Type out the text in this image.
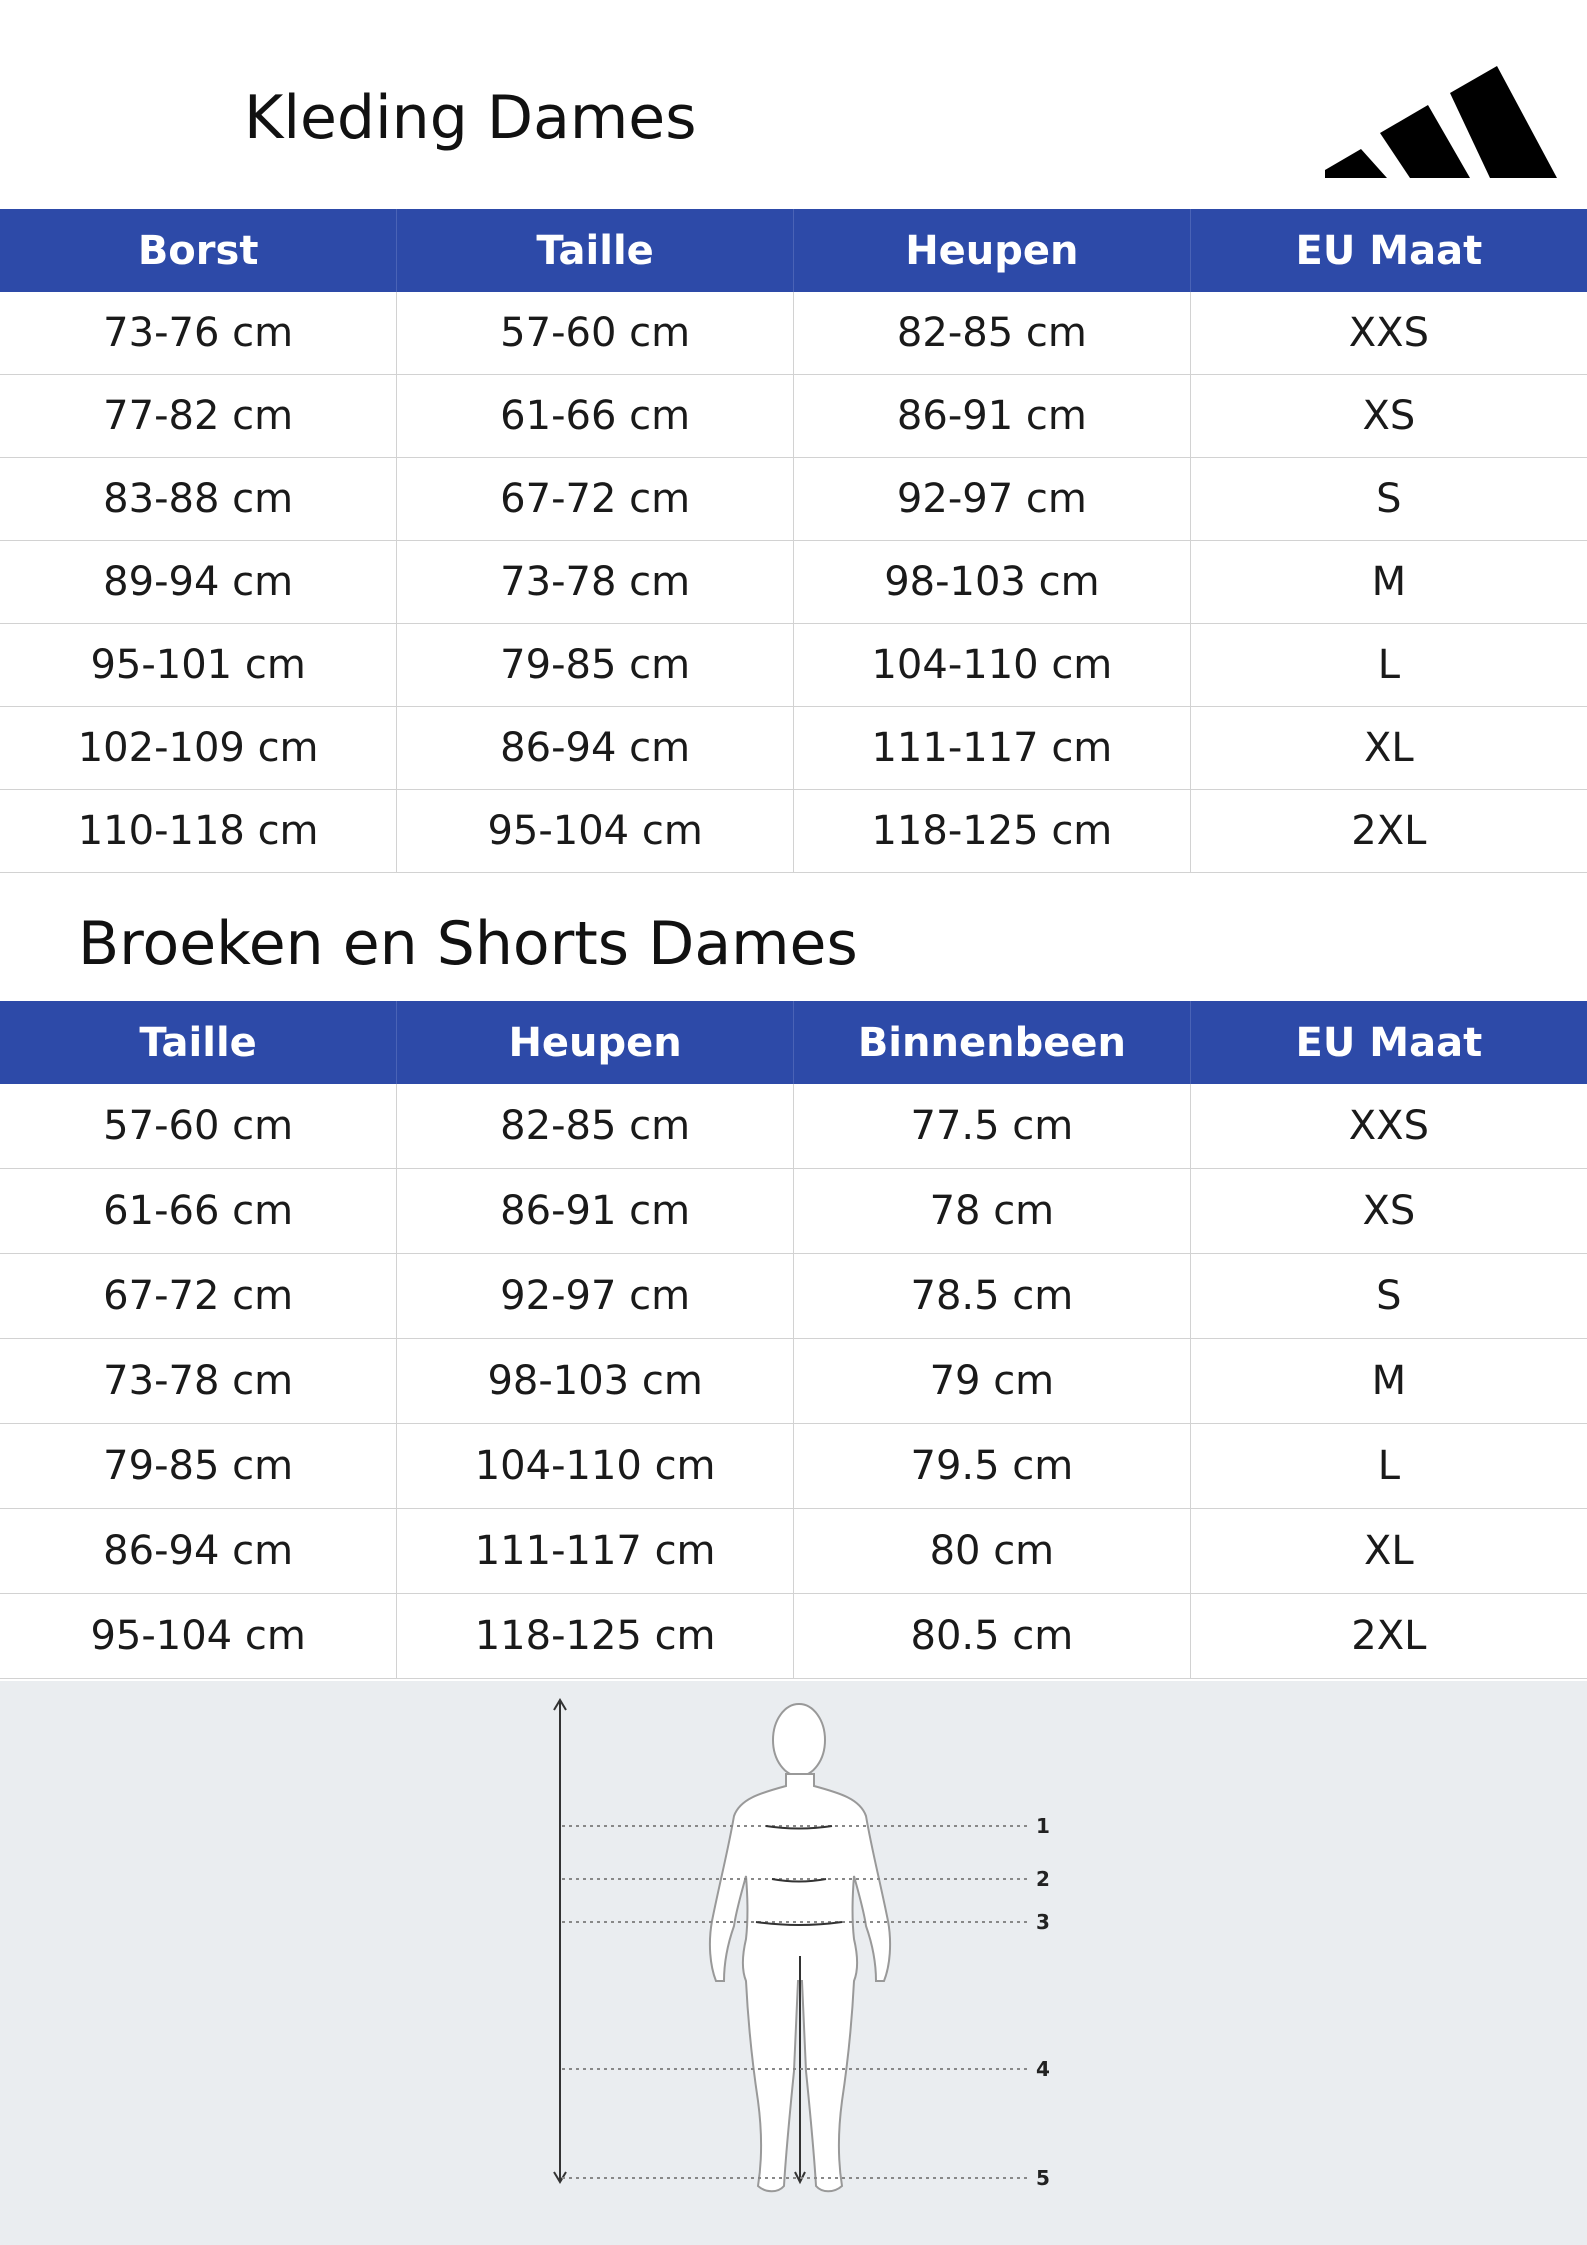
Kleding Dames
Borst	Taille	Heupen	EU Maat
73-76 cm	57-60 cm	82-85 cm	XXS
77-82 cm	61-66 cm	86-91 cm	XS
83-88 cm	67-72 cm	92-97 cm	S
89-94 cm	73-78 cm	98-103 cm	M
95-101 cm	79-85 cm	104-110 cm	L
102-109 cm	86-94 cm	111-117 cm	XL
110-118 cm	95-104 cm	118-125 cm	2XL
Broeken en Shorts Dames
Taille	Heupen	Binnenbeen	EU Maat
57-60 cm	82-85 cm	77.5 cm	XXS
61-66 cm	86-91 cm	78 cm	XS
67-72 cm	92-97 cm	78.5 cm	S
73-78 cm	98-103 cm	79 cm	M
79-85 cm	104-110 cm	79.5 cm	L
86-94 cm	111-117 cm	80 cm	XL
95-104 cm	118-125 cm	80.5 cm	2XL
1
2
3
4
5
